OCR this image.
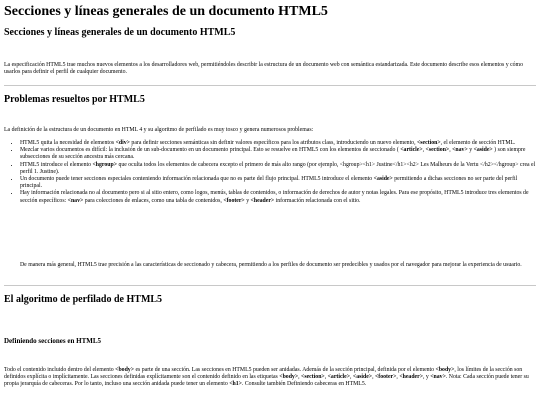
Secciones y líneas generales de un documento HTML5
Secciones y líneas generales de un documento HTML5

La especificación HTML5 trae muchos nuevos elementos a los desarrolladores web, permitiéndoles describir la estructura de un documento web con semántica estandarizada. Este documento describe esos elementos y cómo usarlos para definir el perfil de cualquier documento.

Problemas resueltos por HTML5

La definición de la estructura de un documento en HTML 4 y su algoritmo de perfilado es muy tosco y genera numerosos problemas:

• HTML5 quita la necesidad de elementos <div> para definir secciones semánticas sin definir valores específicos para los atributos class, introduciendo un nuevo elemento, <section>, el elemento de sección HTML.
• Mezclar varios documentos es difícil: la inclusión de un sub-documento en un documento principal. Esto se resuelve en HTML5 con los elementos de seccionado ( <article>, <section>, <nav> y <aside> ) son siempre subsecciones de su sección ancestra más cercana.
• HTML5 introduce el elemento <hgroup> que oculta todos los elementos de cabecera excepto el primero de más alto rango (por ejemplo, <hgroup><h1> Justine</h1><h2> Les Malheurs de la Vertu </h2></hgroup> crea el perfil 1. Justine).
• Un documento puede tener secciones especiales conteniendo información relacionada que no es parte del flujo principal. HTML5 introduce el elemento <aside> permitiendo a dichas secciones no ser parte del perfil principal.
• Hay información relacionada no al documento pero si al sitio entero, como logos, menús, tablas de contenidos, o información de derechos de autor y notas legales. Para ese propósito, HTML5 introduce tres elementos de sección específicos: <nav> para colecciones de enlaces, como una tabla de contenidos, <footer> y <header> información relacionada con el sitio.

De manera más general, HTML5 trae precisión a las características de seccionado y cabecera, permitiendo a los perfiles de documento ser predecibles y usados por el navegador para mejorar la experiencia de usuario.

El algoritmo de perfilado de HTML5
Definiendo secciones en HTML5

Todo el contenido incluido dentro del elemento <body> es parte de una sección. Las secciones en HTML5 pueden ser anidadas. Además de la sección principal, definida por el elemento <body>, los límites de la sección son definidos explícita o implícitamente. Las secciones definidas explícitamente son el contenido definido en las etiquetas <body>, <section>, <article>, <aside>, <footer>, <header>, y <nav>. Nota: Cada sección puede tener su propia jerarquía de cabeceras. Por lo tanto, incluso una sección anidada puede tener un elemento <h1>. Consulte también Definiendo cabeceras en HTML5.
